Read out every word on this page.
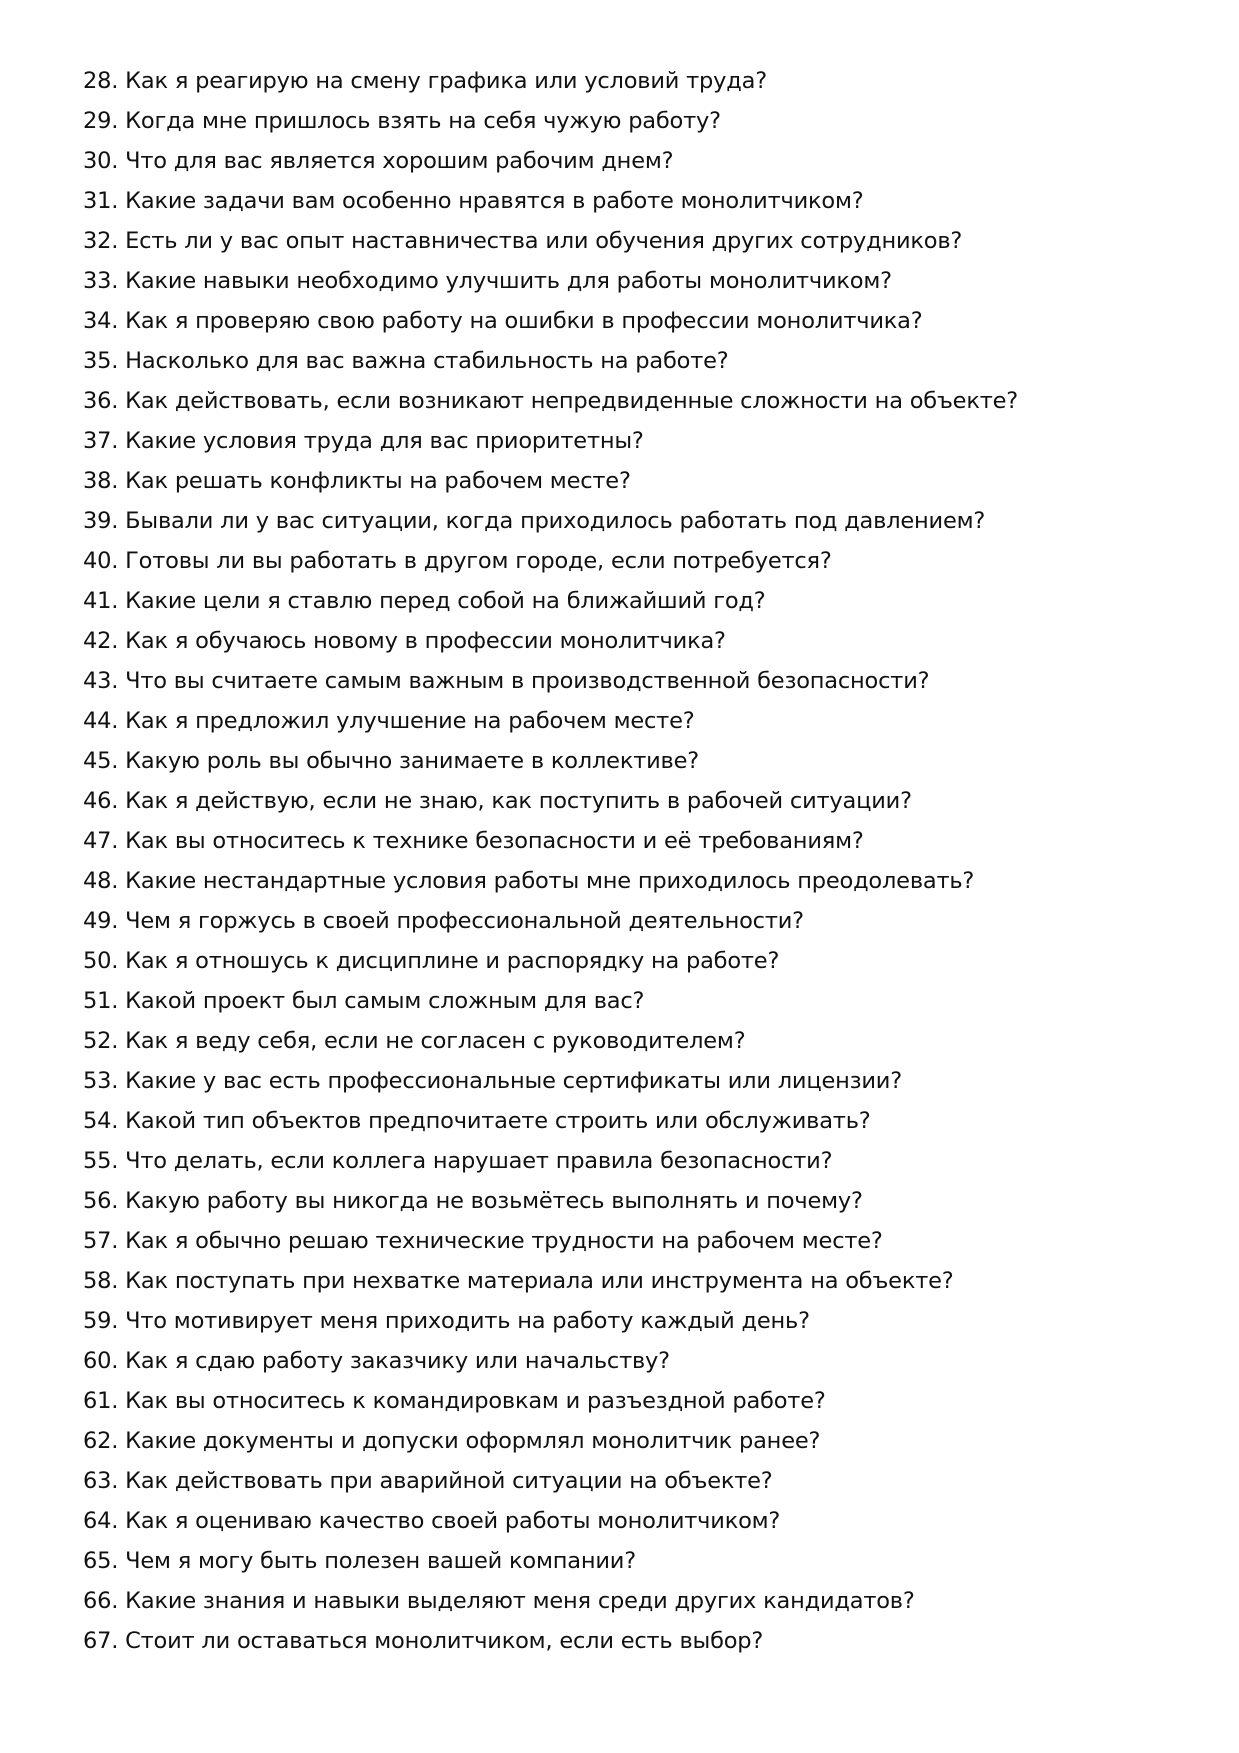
28. Как я реагирую на смену графика или условий труда?
29. Когда мне пришлось взять на себя чужую работу?
30. Что для вас является хорошим рабочим днем?
31. Какие задачи вам особенно нравятся в работе монолитчиком?
32. Есть ли у вас опыт наставничества или обучения других сотрудников?
33. Какие навыки необходимо улучшить для работы монолитчиком?
34. Как я проверяю свою работу на ошибки в профессии монолитчика?
35. Насколько для вас важна стабильность на работе?
36. Как действовать, если возникают непредвиденные сложности на объекте?
37. Какие условия труда для вас приоритетны?
38. Как решать конфликты на рабочем месте?
39. Бывали ли у вас ситуации, когда приходилось работать под давлением?
40. Готовы ли вы работать в другом городе, если потребуется?
41. Какие цели я ставлю перед собой на ближайший год?
42. Как я обучаюсь новому в профессии монолитчика?
43. Что вы считаете самым важным в производственной безопасности?
44. Как я предложил улучшение на рабочем месте?
45. Какую роль вы обычно занимаете в коллективе?
46. Как я действую, если не знаю, как поступить в рабочей ситуации?
47. Как вы относитесь к технике безопасности и её требованиям?
48. Какие нестандартные условия работы мне приходилось преодолевать?
49. Чем я горжусь в своей профессиональной деятельности?
50. Как я отношусь к дисциплине и распорядку на работе?
51. Какой проект был самым сложным для вас?
52. Как я веду себя, если не согласен с руководителем?
53. Какие у вас есть профессиональные сертификаты или лицензии?
54. Какой тип объектов предпочитаете строить или обслуживать?
55. Что делать, если коллега нарушает правила безопасности?
56. Какую работу вы никогда не возьмётесь выполнять и почему?
57. Как я обычно решаю технические трудности на рабочем месте?
58. Как поступать при нехватке материала или инструмента на объекте?
59. Что мотивирует меня приходить на работу каждый день?
60. Как я сдаю работу заказчику или начальству?
61. Как вы относитесь к командировкам и разъездной работе?
62. Какие документы и допуски оформлял монолитчик ранее?
63. Как действовать при аварийной ситуации на объекте?
64. Как я оцениваю качество своей работы монолитчиком?
65. Чем я могу быть полезен вашей компании?
66. Какие знания и навыки выделяют меня среди других кандидатов?
67. Стоит ли оставаться монолитчиком, если есть выбор?
